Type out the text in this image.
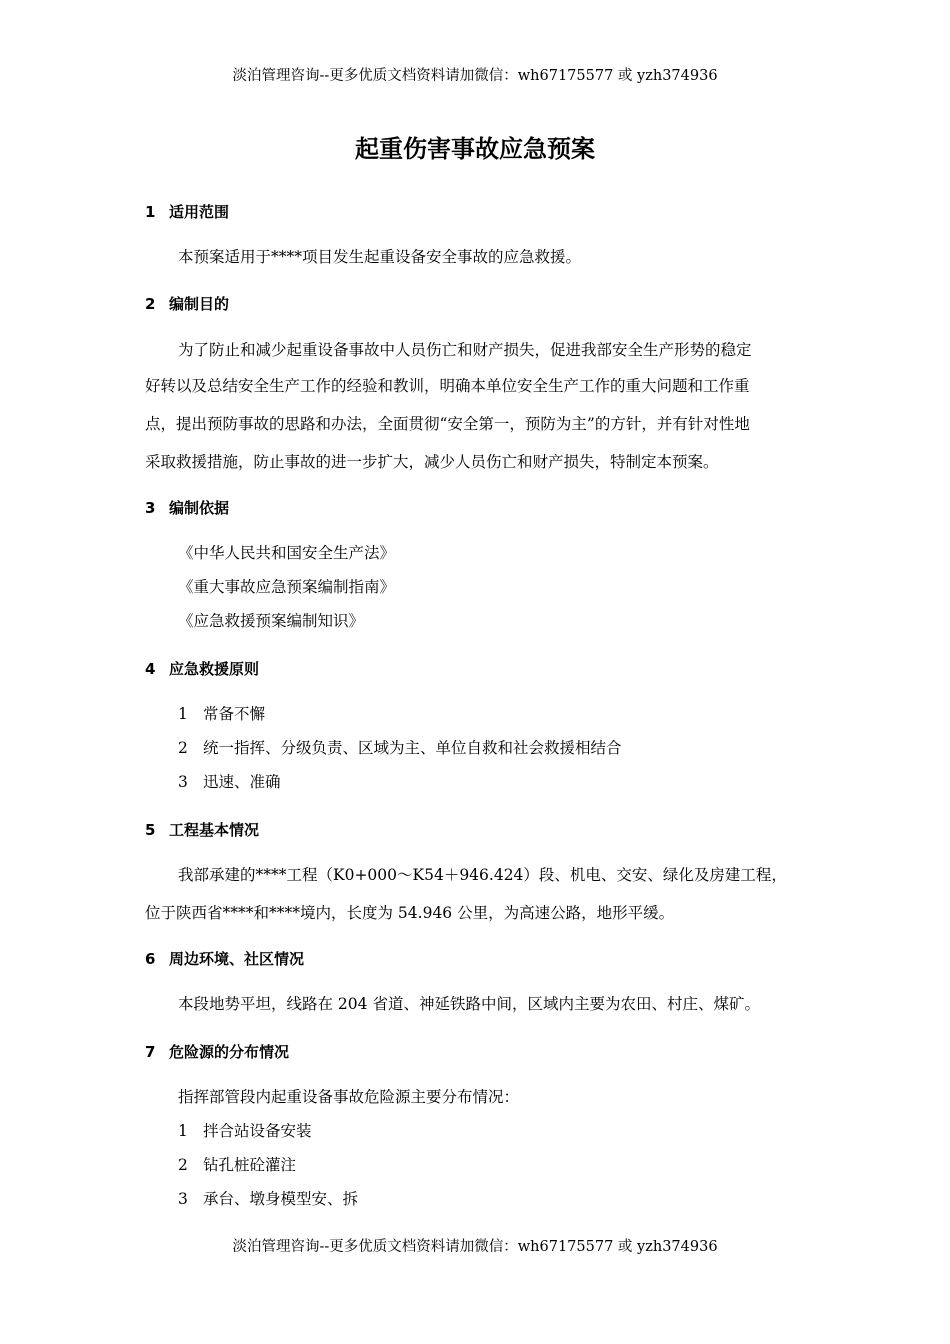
淡泊管理咨询--更多优质文档资料请加微信：wh67175577 或 yzh374936
起重伤害事故应急预案
1 适用范围
本预案适用于****项目发生起重设备安全事故的应急救援。
2 编制目的
为了防止和减少起重设备事故中人员伤亡和财产损失，促进我部安全生产形势的稳定
好转以及总结安全生产工作的经验和教训，明确本单位安全生产工作的重大问题和工作重
点，提出预防事故的思路和办法，全面贯彻“安全第一，预防为主”的方针，并有针对性地
采取救援措施，防止事故的进一步扩大，减少人员伤亡和财产损失，特制定本预案。
3 编制依据
《中华人民共和国安全生产法》
《重大事故应急预案编制指南》
《应急救援预案编制知识》
4 应急救援原则
1 常备不懈
2 统一指挥、分级负责、区域为主、单位自救和社会救援相结合
3 迅速、准确
5 工程基本情况
我部承建的****工程（K0+000～K54＋946.424）段、机电、交安、绿化及房建工程，
位于陕西省****和****境内，长度为 54.946 公里，为高速公路，地形平缓。
6 周边环境、社区情况
本段地势平坦，线路在 204 省道、神延铁路中间，区域内主要为农田、村庄、煤矿。
7 危险源的分布情况
指挥部管段内起重设备事故危险源主要分布情况：
1 拌合站设备安装
2 钻孔桩砼灌注
3 承台、墩身模型安、拆
淡泊管理咨询--更多优质文档资料请加微信：wh67175577 或 yzh374936
